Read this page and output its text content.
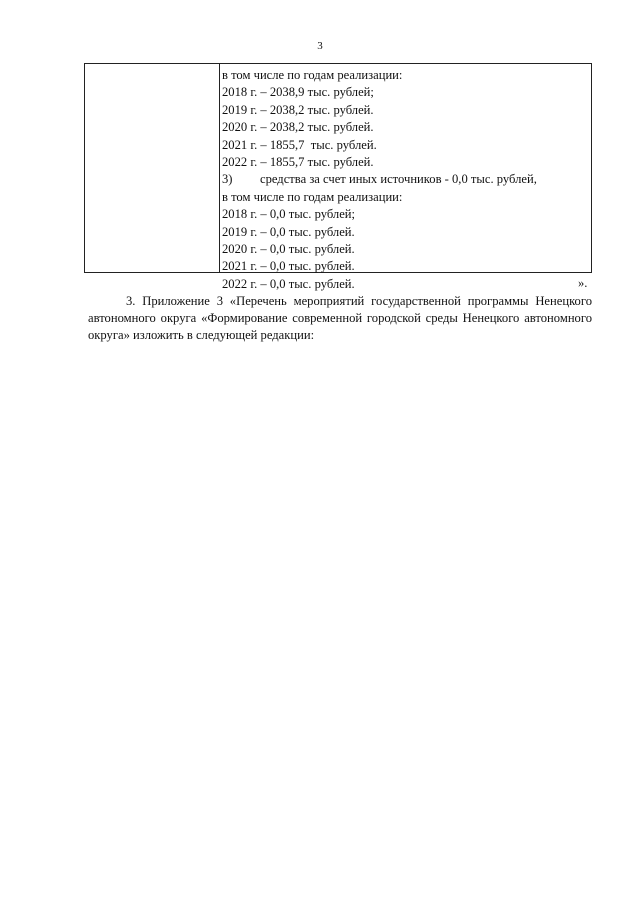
3
в том числе по годам реализации:
2018 г. – 2038,9 тыс. рублей;
2019 г. – 2038,2 тыс. рублей.
2020 г. – 2038,2 тыс. рублей.
2021 г. – 1855,7  тыс. рублей.
2022 г. – 1855,7 тыс. рублей.
3)	средства за счет иных источников - 0,0 тыс. рублей,
в том числе по годам реализации:
2018 г. – 0,0 тыс. рублей;
2019 г. – 0,0 тыс. рублей.
2020 г. – 0,0 тыс. рублей.
2021 г. – 0,0 тыс. рублей.
2022 г. – 0,0 тыс. рублей.	».
3. Приложение 3 «Перечень мероприятий государственной программы Ненецкого автономного округа «Формирование современной городской среды Ненецкого автономного округа» изложить в следующей редакции:
